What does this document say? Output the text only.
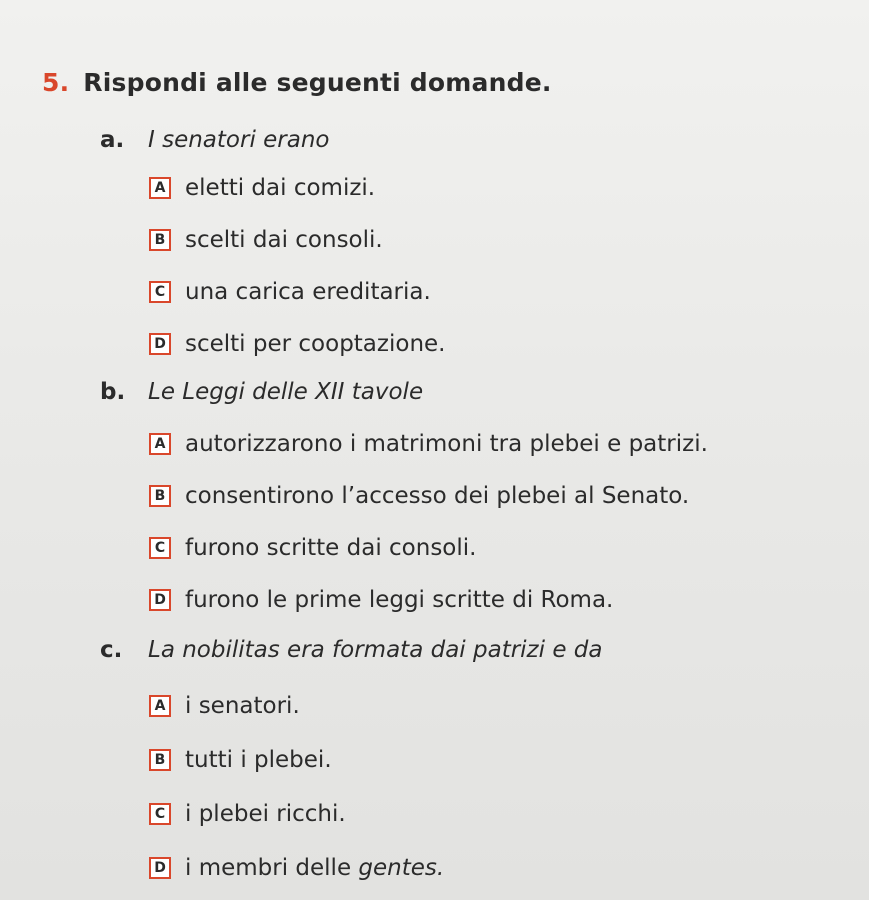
5. Rispondi alle seguenti domande.
a. I senatori erano
A eletti dai comizi.
B scelti dai consoli.
C una carica ereditaria.
D scelti per cooptazione.
b. Le Leggi delle XII tavole
A autorizzarono i matrimoni tra plebei e patrizi.
B consentirono l’accesso dei plebei al Senato.
C furono scritte dai consoli.
D furono le prime leggi scritte di Roma.
c. La nobilitas era formata dai patrizi e da
A i senatori.
B tutti i plebei.
C i plebei ricchi.
D i membri delle gentes.
